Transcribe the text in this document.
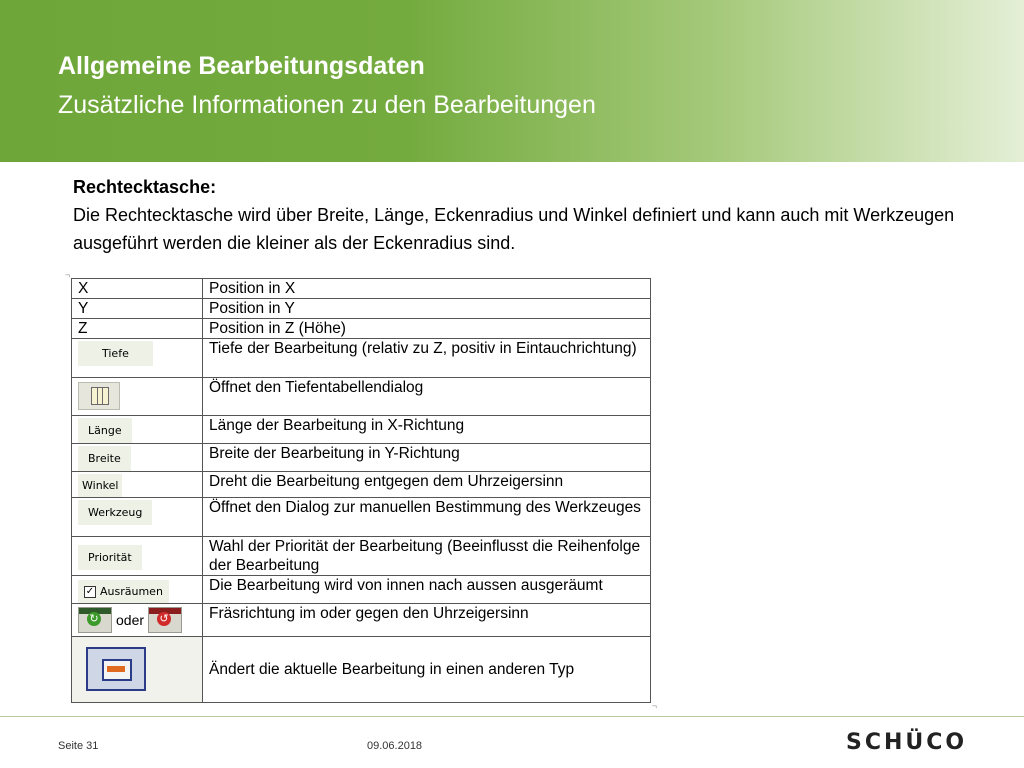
Allgemeine Bearbeitungsdaten
Zusätzliche Informationen zu den Bearbeitungen
Rechtecktasche:
Die Rechtecktasche wird über Breite, Länge, Eckenradius und Winkel definiert und kann auch mit Werkzeugen ausgeführt werden die kleiner als der Eckenradius sind.
¬
X	Position in X
Y	Position in Y
Z	Position in Z (Höhe)
Tiefe	Tiefe der Bearbeitung (relativ zu Z, positiv in Eintauchrichtung)

	Öffnet den Tiefentabellendialog
Länge	Länge der Bearbeitung in X-Richtung
Breite	Breite der Bearbeitung in Y-Richtung
Winkel	Dreht die Bearbeitung entgegen dem Uhrzeigersinn
Werkzeug	Öffnet den Dialog zur manuellen Bestimmung des Werkzeuges
Priorität	Wahl der Priorität der Bearbeitung (Beeinflusst die Reihenfolge der Bearbeitung

✓ Ausräumen	Die Bearbeitung wird von innen nach aussen ausgeräumt

↻ oder ↺	Fräsrichtung im oder gegen den Uhrzeigersinn

	Ändert die aktuelle Bearbeitung in einen anderen Typ
¬
Seite 31	09.06.2018	SCHÜCO
